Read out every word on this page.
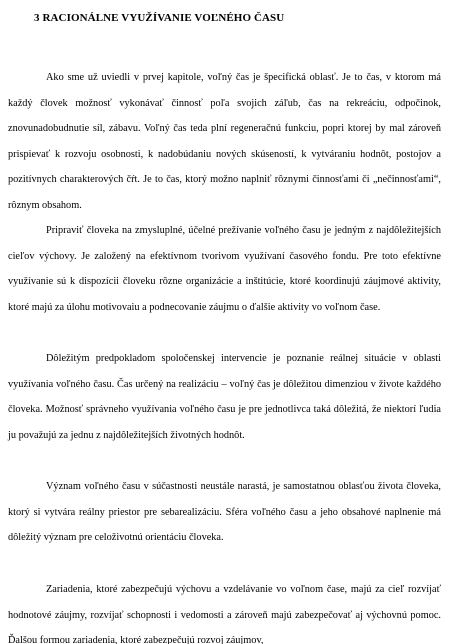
3 RACIONÁLNE VYUŽÍVANIE VOĽNÉHO ČASU

Ako sme už uviedli v prvej kapitole, voľný čas je špecifická oblasť. Je to čas, v ktorom má každý človek možnosť vykonávať činnosť poľa svojich záľub, čas na rekreáciu, odpočinok, znovunadobudnutie síl, zábavu. Voľný čas teda plní regeneračnú funkciu, popri ktorej by mal zároveň prispievať k rozvoju osobnosti, k nadobúdaniu nových skúseností, k vytváraniu hodnôt, postojov a pozitívnych charakterových čŕt. Je to čas, ktorý možno naplniť rôznymi činnosťami či „nečinnosťami“, rôznym obsahom.

Pripraviť človeka na zmysluplné, účelné prežívanie voľného času je jedným z najdôležitejších cieľov výchovy. Je založený na efektívnom tvorivom využívaní časového fondu. Pre toto efektívne využívanie sú k dispozícii človeku rôzne organizácie a inštitúcie, ktoré koordinujú záujmové aktivity, ktoré majú za úlohu motivovaiu a podnecovanie záujmu o ďalšie aktivity vo voľnom čase.

Dôležitým predpokladom spoločenskej intervencie je poznanie reálnej situácie v oblasti využívania voľného času. Čas určený na realizáciu – voľný čas je dôležitou dimenziou v živote každého človeka. Možnosť správneho využívania voľného času je pre jednotlivca taká dôležitá, že niektorí ľudia ju považujú za jednu z najdôležitejších životných hodnôt.

Význam voľného času v súčastnosti neustále narastá, je samostatnou oblasťou života človeka, ktorý si vytvára reálny priestor pre sebarealizáciu. Sféra voľného času a jeho obsahové naplnenie má dôležitý význam pre celoživotnú orientáciu človeka.

Zariadenia, ktoré zabezpečujú výchovu a vzdelávanie vo voľnom čase, majú za cieľ rozvíjať hodnotové záujmy, rozvíjať schopnosti i vedomosti a zároveň majú zabezpečovať aj výchovnú pomoc. Ďalšou formou zariadenia, ktoré zabezpečujú rozvoj záujmov,
